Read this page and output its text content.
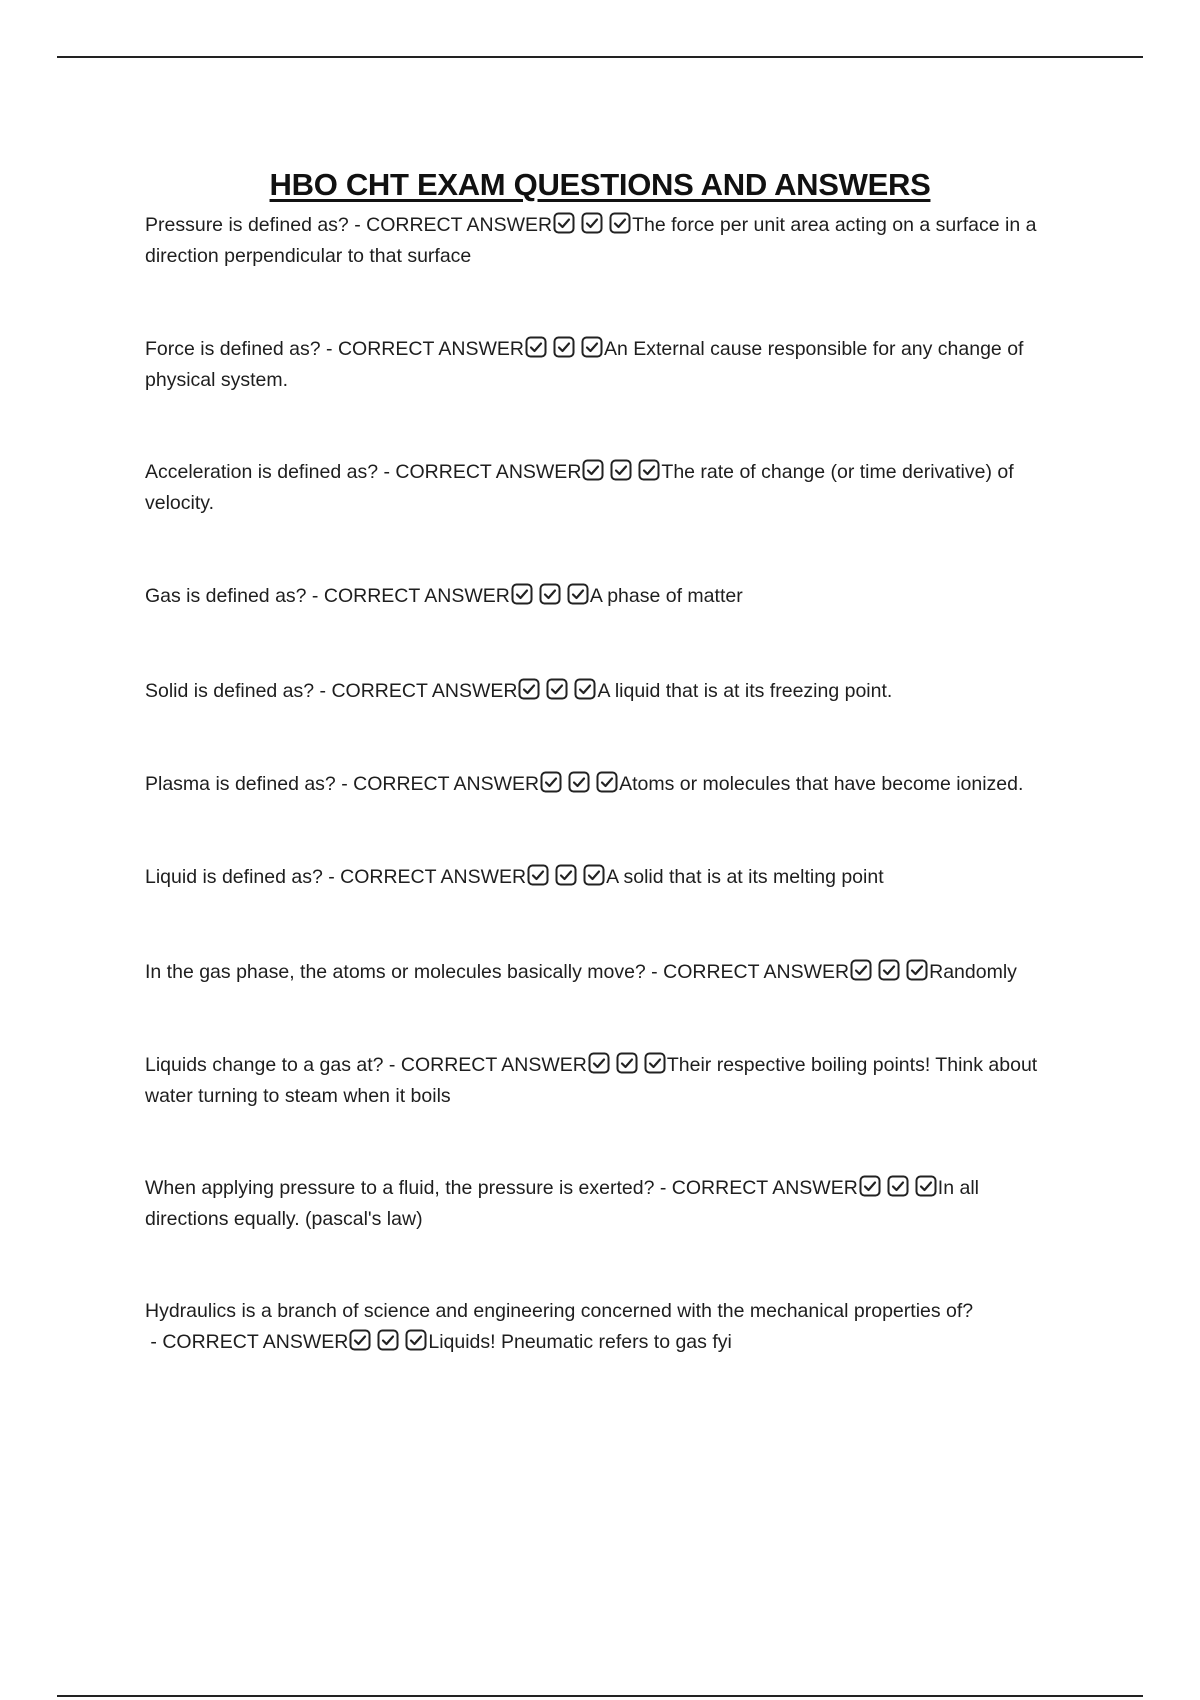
HBO CHT EXAM QUESTIONS AND ANSWERS

Pressure is defined as? - CORRECT ANSWER	The force per unit area acting on a surface in a direction perpendicular to that surface

Force is defined as? - CORRECT ANSWER	An External cause responsible for any change of physical system.

Acceleration is defined as? - CORRECT ANSWER	The rate of change (or time derivative) of velocity.

Gas is defined as? - CORRECT ANSWER	A phase of matter

Solid is defined as? - CORRECT ANSWER	A liquid that is at its freezing point.

Plasma is defined as? - CORRECT ANSWER	Atoms or molecules that have become ionized.

Liquid is defined as? - CORRECT ANSWER	A solid that is at its melting point

In the gas phase, the atoms or molecules basically move? - CORRECT ANSWER	Randomly

Liquids change to a gas at? - CORRECT ANSWER	Their respective boiling points! Think about water turning to steam when it boils

When applying pressure to a fluid, the pressure is exerted? - CORRECT ANSWER	In all directions equally. (pascal's law)

Hydraulics is a branch of science and engineering concerned with the mechanical properties of? - CORRECT ANSWER	Liquids! Pneumatic refers to gas fyi
